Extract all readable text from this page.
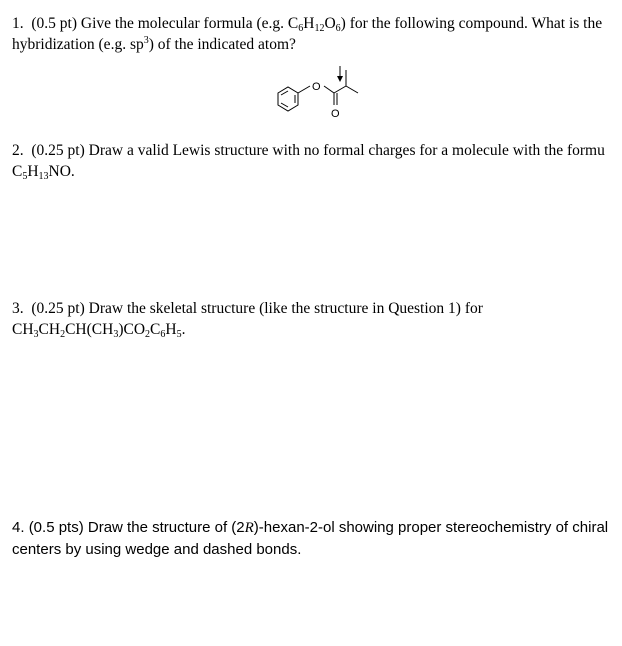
1. (0.5 pt) Give the molecular formula (e.g. $C_6H_{12}O_6$) for the following compound. What is the
hybridization (e.g. $sp^3$) of the indicated atom?
O
O
2. (0.25 pt) Draw a valid Lewis structure with no formal charges for a molecule with the formu
$C_5H_{13}NO$.
3. (0.25 pt) Draw the skeletal structure (like the structure in Question 1) for
$CH_3CH_2CH(CH_3)CO_2C_6H_5$.
4. (0.5 pts) Draw the structure of (2R)-hexan-2-ol showing proper stereochemistry of chiral
centers by using wedge and dashed bonds.
